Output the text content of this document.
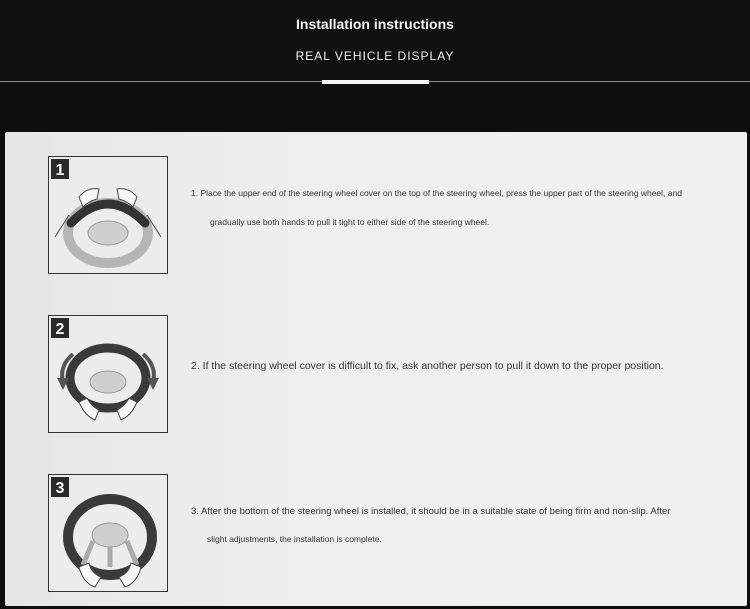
Installation instructions
REAL VEHICLE DISPLAY
1
1. Place the upper end of the steering wheel cover on the top of the steering wheel, press the upper part of the steering wheel, and
gradually use both hands to pull it tight to either side of the steering wheel.
2
2. If the steering wheel cover is difficult to fix, ask another person to pull it down to the proper position.
3
3. After the bottom of the steering wheel is installed, it should be in a suitable state of being firm and non-slip. After
slight adjustments, the installation is complete.
